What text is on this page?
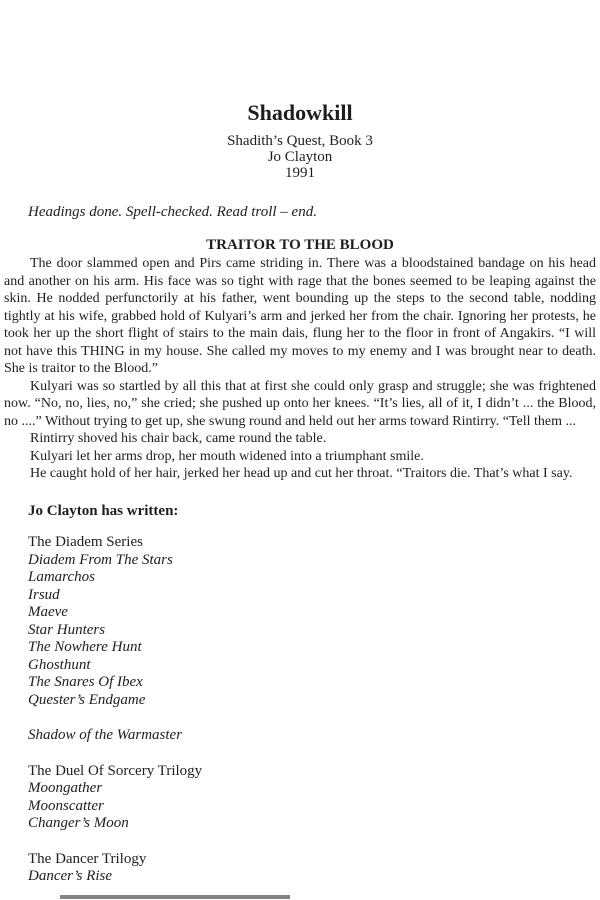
Shadowkill
Shadith’s Quest, Book 3
Jo Clayton
1991
Headings done. Spell-checked. Read troll – end.
TRAITOR TO THE BLOOD

The door slammed open and Pirs came striding in. There was a bloodstained bandage on his head and another on his arm. His face was so tight with rage that the bones seemed to be leaping against the skin. He nodded perfunctorily at his father, went bounding up the steps to the second table, nodding tightly at his wife, grabbed hold of Kulyari’s arm and jerked her from the chair. Ignoring her protests, he took her up the short flight of stairs to the main dais, flung her to the floor in front of Angakirs. “I will not have this THING in my house. She called my moves to my enemy and I was brought near to death. She is traitor to the Blood.”

Kulyari was so startled by all this that at first she could only grasp and struggle; she was frightened now. “No, no, lies, no,” she cried; she pushed up onto her knees. “It’s lies, all of it, I didn’t ... the Blood, no ....” Without trying to get up, she swung round and held out her arms toward Rintirry. “Tell them ...

Rintirry shoved his chair back, came round the table.

Kulyari let her arms drop, her mouth widened into a triumphant smile.

He caught hold of her hair, jerked her head up and cut her throat. “Traitors die. That’s what I say.

Jo Clayton has written:
The Diadem Series
Diadem From The Stars
Lamarchos
Irsud
Maeve
Star Hunters
The Nowhere Hunt
Ghosthunt
The Snares Of Ibex
Quester’s Endgame
Shadow of the Warmaster
The Duel Of Sorcery Trilogy
Moongather
Moonscatter
Changer’s Moon
The Dancer Trilogy
Dancer’s Rise
